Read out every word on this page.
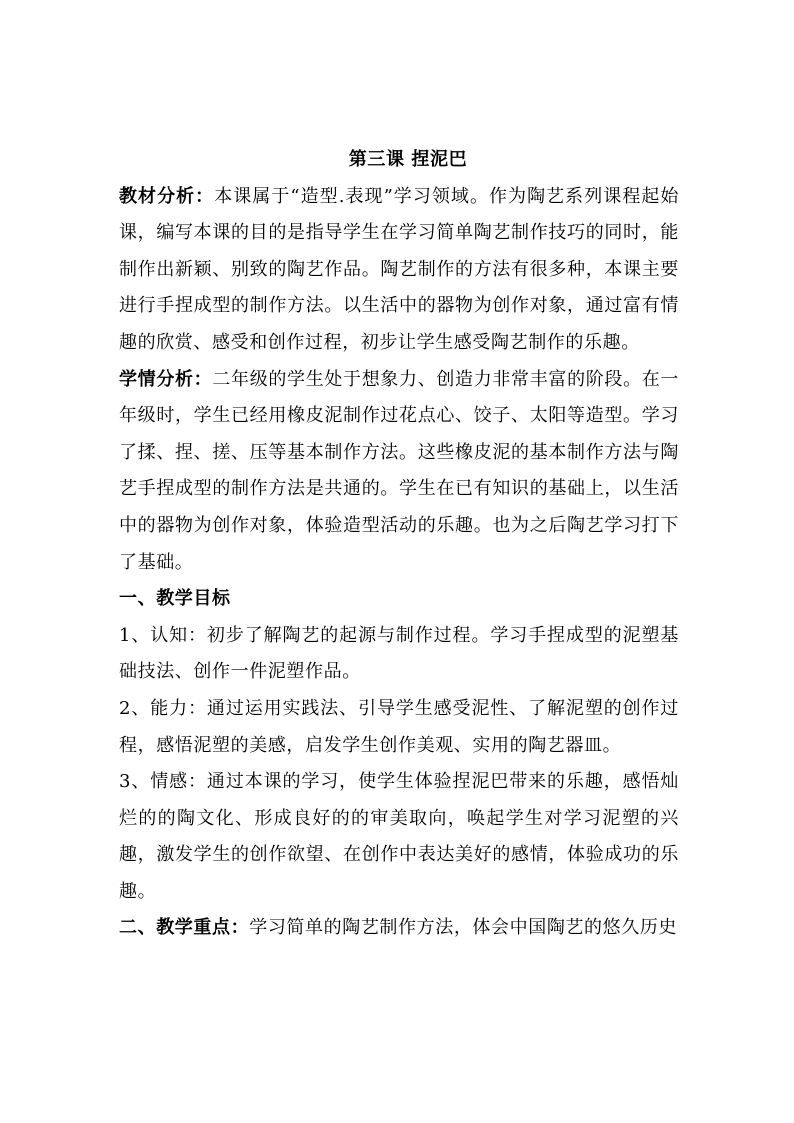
第三课 捏泥巴

教材分析：本课属于“造型.表现”学习领域。作为陶艺系列课程起始课，编写本课的目的是指导学生在学习简单陶艺制作技巧的同时，能制作出新颖、别致的陶艺作品。陶艺制作的方法有很多种，本课主要进行手捏成型的制作方法。以生活中的器物为创作对象，通过富有情趣的欣赏、感受和创作过程，初步让学生感受陶艺制作的乐趣。

学情分析：二年级的学生处于想象力、创造力非常丰富的阶段。在一年级时，学生已经用橡皮泥制作过花点心、饺子、太阳等造型。学习了揉、捏、搓、压等基本制作方法。这些橡皮泥的基本制作方法与陶艺手捏成型的制作方法是共通的。学生在已有知识的基础上，以生活中的器物为创作对象，体验造型活动的乐趣。也为之后陶艺学习打下了基础。

一、教学目标

1、认知：初步了解陶艺的起源与制作过程。学习手捏成型的泥塑基础技法、创作一件泥塑作品。

2、能力：通过运用实践法、引导学生感受泥性、了解泥塑的创作过程，感悟泥塑的美感，启发学生创作美观、实用的陶艺器皿。

3、情感：通过本课的学习，使学生体验捏泥巴带来的乐趣，感悟灿烂的的陶文化、形成良好的的审美取向，唤起学生对学习泥塑的兴趣，激发学生的创作欲望、在创作中表达美好的感情，体验成功的乐趣。

二、教学重点：学习简单的陶艺制作方法，体会中国陶艺的悠久历史
